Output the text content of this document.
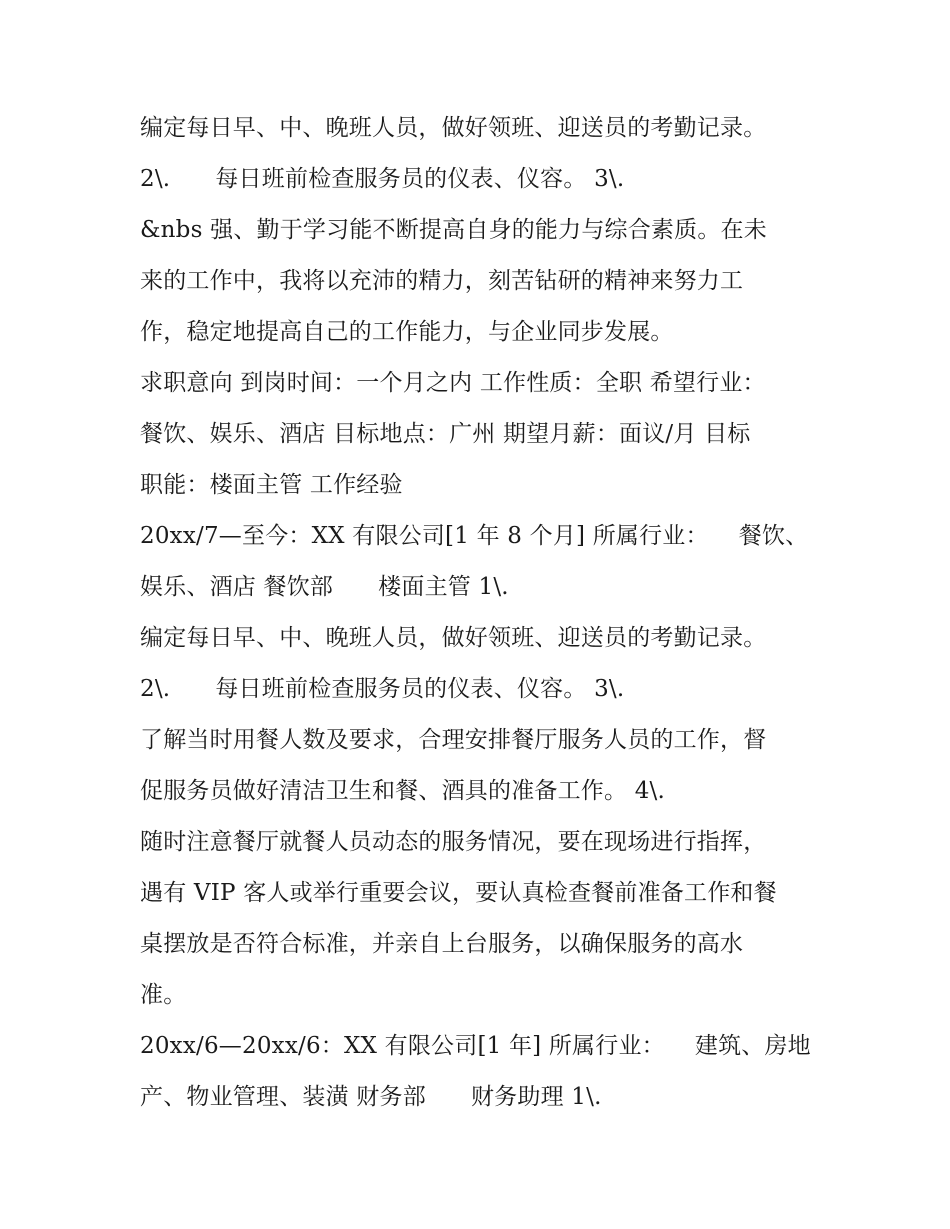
编定每日早、中、晚班人员，做好领班、迎送员的考勤记录。
2\.      每日班前检查服务员的仪表、仪容。 3\.
&nbs 强、勤于学习能不断提高自身的能力与综合素质。在未
来的工作中，我将以充沛的精力，刻苦钻研的精神来努力工
作，稳定地提高自己的工作能力，与企业同步发展。
求职意向 到岗时间：一个月之内 工作性质：全职 希望行业：
餐饮、娱乐、酒店 目标地点：广州 期望月薪：面议/月 目标
职能：楼面主管 工作经验
20xx/7—至今：XX 有限公司[1 年 8 个月] 所属行业：    餐饮、
娱乐、酒店 餐饮部      楼面主管 1\.
编定每日早、中、晚班人员，做好领班、迎送员的考勤记录。
2\.      每日班前检查服务员的仪表、仪容。 3\.
了解当时用餐人数及要求，合理安排餐厅服务人员的工作，督
促服务员做好清洁卫生和餐、酒具的准备工作。 4\.
随时注意餐厅就餐人员动态的服务情况，要在现场进行指挥，
遇有 VIP 客人或举行重要会议，要认真检查餐前准备工作和餐
桌摆放是否符合标准，并亲自上台服务，以确保服务的高水
准。
20xx/6—20xx/6：XX 有限公司[1 年] 所属行业：    建筑、房地
产、物业管理、装潢 财务部      财务助理 1\.
